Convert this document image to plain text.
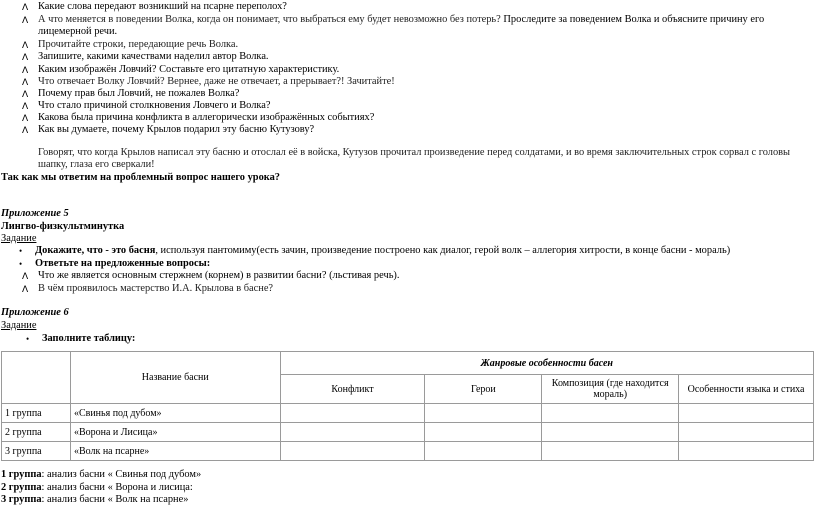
ᐱ Какие слова передают возникший на псарне переполох?
ᐱ А что меняется в поведении Волка, когда он понимает, что выбраться ему будет невозможно без потерь?
Проследите за поведением Волка и объясните причину его
лицемерной речи.
ᐱ Прочитайте строки, передающие речь Волка.
ᐱ Запишите, какими качествами наделил автор Волка.
ᐱ Каким изображён Ловчий? Составьте его цитатную характеристику.
ᐱ Что отвечает Волку Ловчий? Вернее, даже не отвечает, а прерывает?! Зачитайте!
ᐱ Почему прав был Ловчий, не пожалев Волка?
ᐱ Что стало причиной столкновения Ловчего и Волка?
ᐱ Какова была причина конфликта в аллегорически изображённых событиях?
ᐱ Как вы думаете, почему Крылов подарил эту басню Кутузову?
Говорят, что когда Крылов написал эту басню и отослал её в войска, Кутузов прочитал произведение перед солдатами, и во время заключительных строк сорвал с головы
шапку, глаза его сверкали!
Так как мы ответим на проблемный вопрос нашего урока?
Приложение 5
Лингво-физкультминутка
Задание
•	Докажите, что - это басня, используя пантомиму(есть зачин, произведение построено как диалог, герой волк – аллегория хитрости, в конце басни - мораль)
•	Ответьте на предложенные вопросы:
ᐱ Что же является основным стержнем (корнем) в развитии басни? (льстивая речь).
ᐱ В чём проявилось мастерство И.А. Крылова в басне?
Приложение 6
Задание
•	Заполните таблицу:
	Название басни	Жанровые особенности басен			
		Конфликт	Герои	Композиция (где находится мораль)	Особенности языка и стиха
1 группа	«Свинья под дубом»				
2 группа	«Ворона и Лисица»				
3 группа	«Волк на псарне»				
1 группа: анализ басни « Свинья под дубом»
2 группа: анализ басни « Ворона и лисица:
3 группа: анализ басни « Волк на псарне»
